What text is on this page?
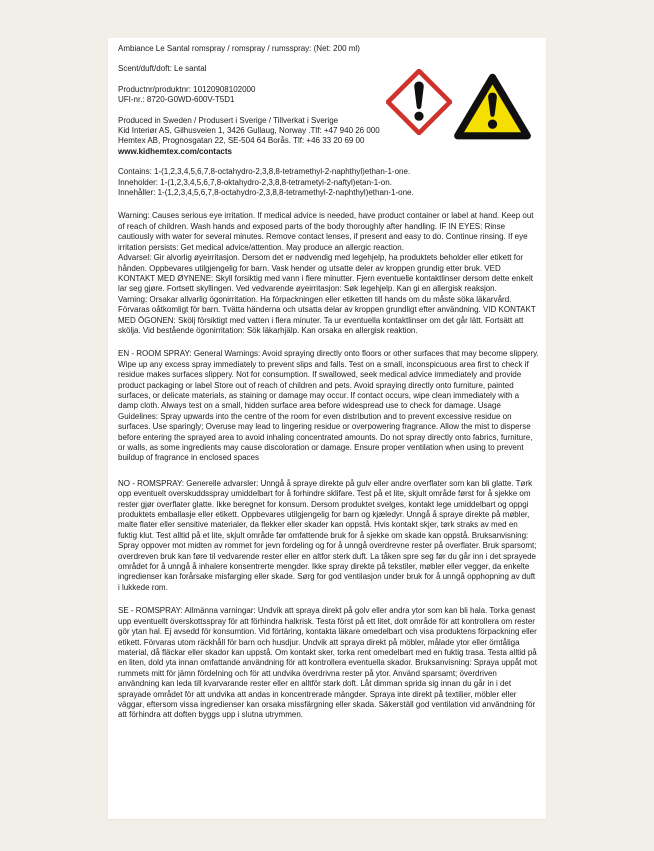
Ambiance Le Santal romspray / romspray / rumsspray: (Net: 200 ml)
Scent/duft/doft: Le santal

Productnr/produktnr: 10120908102000

UFI-nr.: 8720-G0WD-600V-T5D1

Produced in Sweden / Produsert i Sverige / Tillverkat i Sverige

Kid Interiør AS, Gilhusveien 1, 3426 Gullaug, Norway .Tlf: +47 940 26 000

Hemtex AB, Prognosgatan 22, SE-504 64 Borås. Tlf: +46 33 20 69 00

www.kidhemtex.com/contacts

Contains: 1-(1,2,3,4,5,6,7,8-octahydro-2,3,8,8-tetramethyl-2-naphthyl)ethan-1-one.

Inneholder: 1-(1,2,3,4,5,6,7,8-oktahydro-2,3,8,8-tetrametyl-2-naftyl)etan-1-on.

Innehåller: 1-(1,2,3,4,5,6,7,8-octahydro-2,3,8,8-tetramethyl-2-naphthyl)ethan-1-one.

Warning: Causes serious eye irritation. If medical advice is needed, have product container or label at hand. Keep out of reach of children. Wash hands and exposed parts of the body thoroughly after handling. IF IN EYES: Rinse cautiously with water for several minutes. Remove contact lenses, if present and easy to do. Continue rinsing. If eye irritation persists: Get medical advice/attention. May produce an allergic reaction.

Advarsel: Gir alvorlig øyeirritasjon. Dersom det er nødvendig med legehjelp, ha produktets beholder eller etikett for hånden. Oppbevares utilgjengelig for barn. Vask hender og utsatte deler av kroppen grundig etter bruk. VED KONTAKT MED ØYNENE: Skyll forsiktig med vann i flere minutter. Fjern eventuelle kontaktlinser dersom dette enkelt lar seg gjøre. Fortsett skyllingen. Ved vedvarende øyeirritasjon: Søk legehjelp. Kan gi en allergisk reaksjon.

Varning: Orsakar allvarlig ögonirritation. Ha förpackningen eller etiketten till hands om du måste söka läkarvård. Förvaras oåtkomligt för barn. Tvätta händerna och utsatta delar av kroppen grundligt efter användning. VID KONTAKT MED ÖGONEN: Skölj försiktigt med vatten i flera minuter. Ta ur eventuella kontaktlinser om det går lätt. Fortsätt att skölja. Vid bestående ögonirritation: Sök läkarhjälp. Kan orsaka en allergisk reaktion.

EN - ROOM SPRAY: General Warnings: Avoid spraying directly onto floors or other surfaces that may become slippery. Wipe up any excess spray immediately to prevent slips and falls. Test on a small, inconspicuous area first to check if residue makes surfaces slippery. Not for consumption. If swallowed, seek medical advice immediately and provide product packaging or label Store out of reach of children and pets. Avoid spraying directly onto furniture, painted surfaces, or delicate materials, as staining or damage may occur. If contact occurs, wipe clean immediately with a damp cloth. Always test on a small, hidden surface area before widespread use to check for damage. Usage Guidelines: Spray upwards into the centre of the room for even distribution and to prevent excessive residue on surfaces. Use sparingly; Overuse may lead to lingering residue or overpowering fragrance. Allow the mist to disperse before entering the sprayed area to avoid inhaling concentrated amounts. Do not spray directly onto fabrics, furniture, or walls, as some ingredients may cause discoloration or damage. Ensure proper ventilation when using to prevent buildup of fragrance in enclosed spaces
NO - ROMSPRAY: Generelle advarsler: Unngå å spraye direkte på gulv eller andre overflater som kan bli glatte. Tørk opp eventuelt overskuddsspray umiddelbart for å forhindre sklifare. Test på et lite, skjult område først for å sjekke om rester gjør overflater glatte. Ikke beregnet for konsum. Dersom produktet svelges, kontakt lege umiddelbart og oppgi produktets emballasje eller etikett. Oppbevares utilgjengelig for barn og kjæledyr. Unngå å spraye direkte på møbler, malte flater eller sensitive materialer, da flekker eller skader kan oppstå. Hvis kontakt skjer, tørk straks av med en fuktig klut. Test alltid på et lite, skjult område før omfattende bruk for å sjekke om skade kan oppstå. Bruksanvisning: Spray oppover mot midten av rommet for jevn fordeling og for å unngå overdrevne rester på overflater. Bruk sparsomt; overdreven bruk kan føre til vedvarende rester eller en altfor sterk duft. La tåken spre seg før du går inn i det sprayede området for å unngå å inhalere konsentrerte mengder. Ikke spray direkte på tekstiler, møbler eller vegger, da enkelte ingredienser kan forårsake misfarging eller skade. Sørg for god ventilasjon under bruk for å unngå opphopning av duft i lukkede rom.
SE - ROMSPRAY: Allmänna varningar: Undvik att spraya direkt på golv eller andra ytor som kan bli hala. Torka genast upp eventuellt överskottsspray för att förhindra halkrisk. Testa först på ett litet, dolt område för att kontrollera om rester gör ytan hal. Ej avsedd för konsumtion. Vid förtäring, kontakta läkare omedelbart och visa produktens förpackning eller etikett. Förvaras utom räckhåll för barn och husdjur. Undvik att spraya direkt på möbler, målade ytor eller ömtåliga material, då fläckar eller skador kan uppstå. Om kontakt sker, torka rent omedelbart med en fuktig trasa. Testa alltid på en liten, dold yta innan omfattande användning för att kontrollera eventuella skador. Bruksanvisning: Spraya uppåt mot rummets mitt för jämn fördelning och för att undvika överdrivna rester på ytor. Använd sparsamt; överdriven användning kan leda till kvarvarande rester eller en alltför stark doft. Låt dimman sprida sig innan du går in i det sprayade området för att undvika att andas in koncentrerade mängder. Spraya inte direkt på textilier, möbler eller väggar, eftersom vissa ingredienser kan orsaka missfärgning eller skada. Säkerställ god ventilation vid användning för att förhindra att doften byggs upp i slutna utrymmen.
